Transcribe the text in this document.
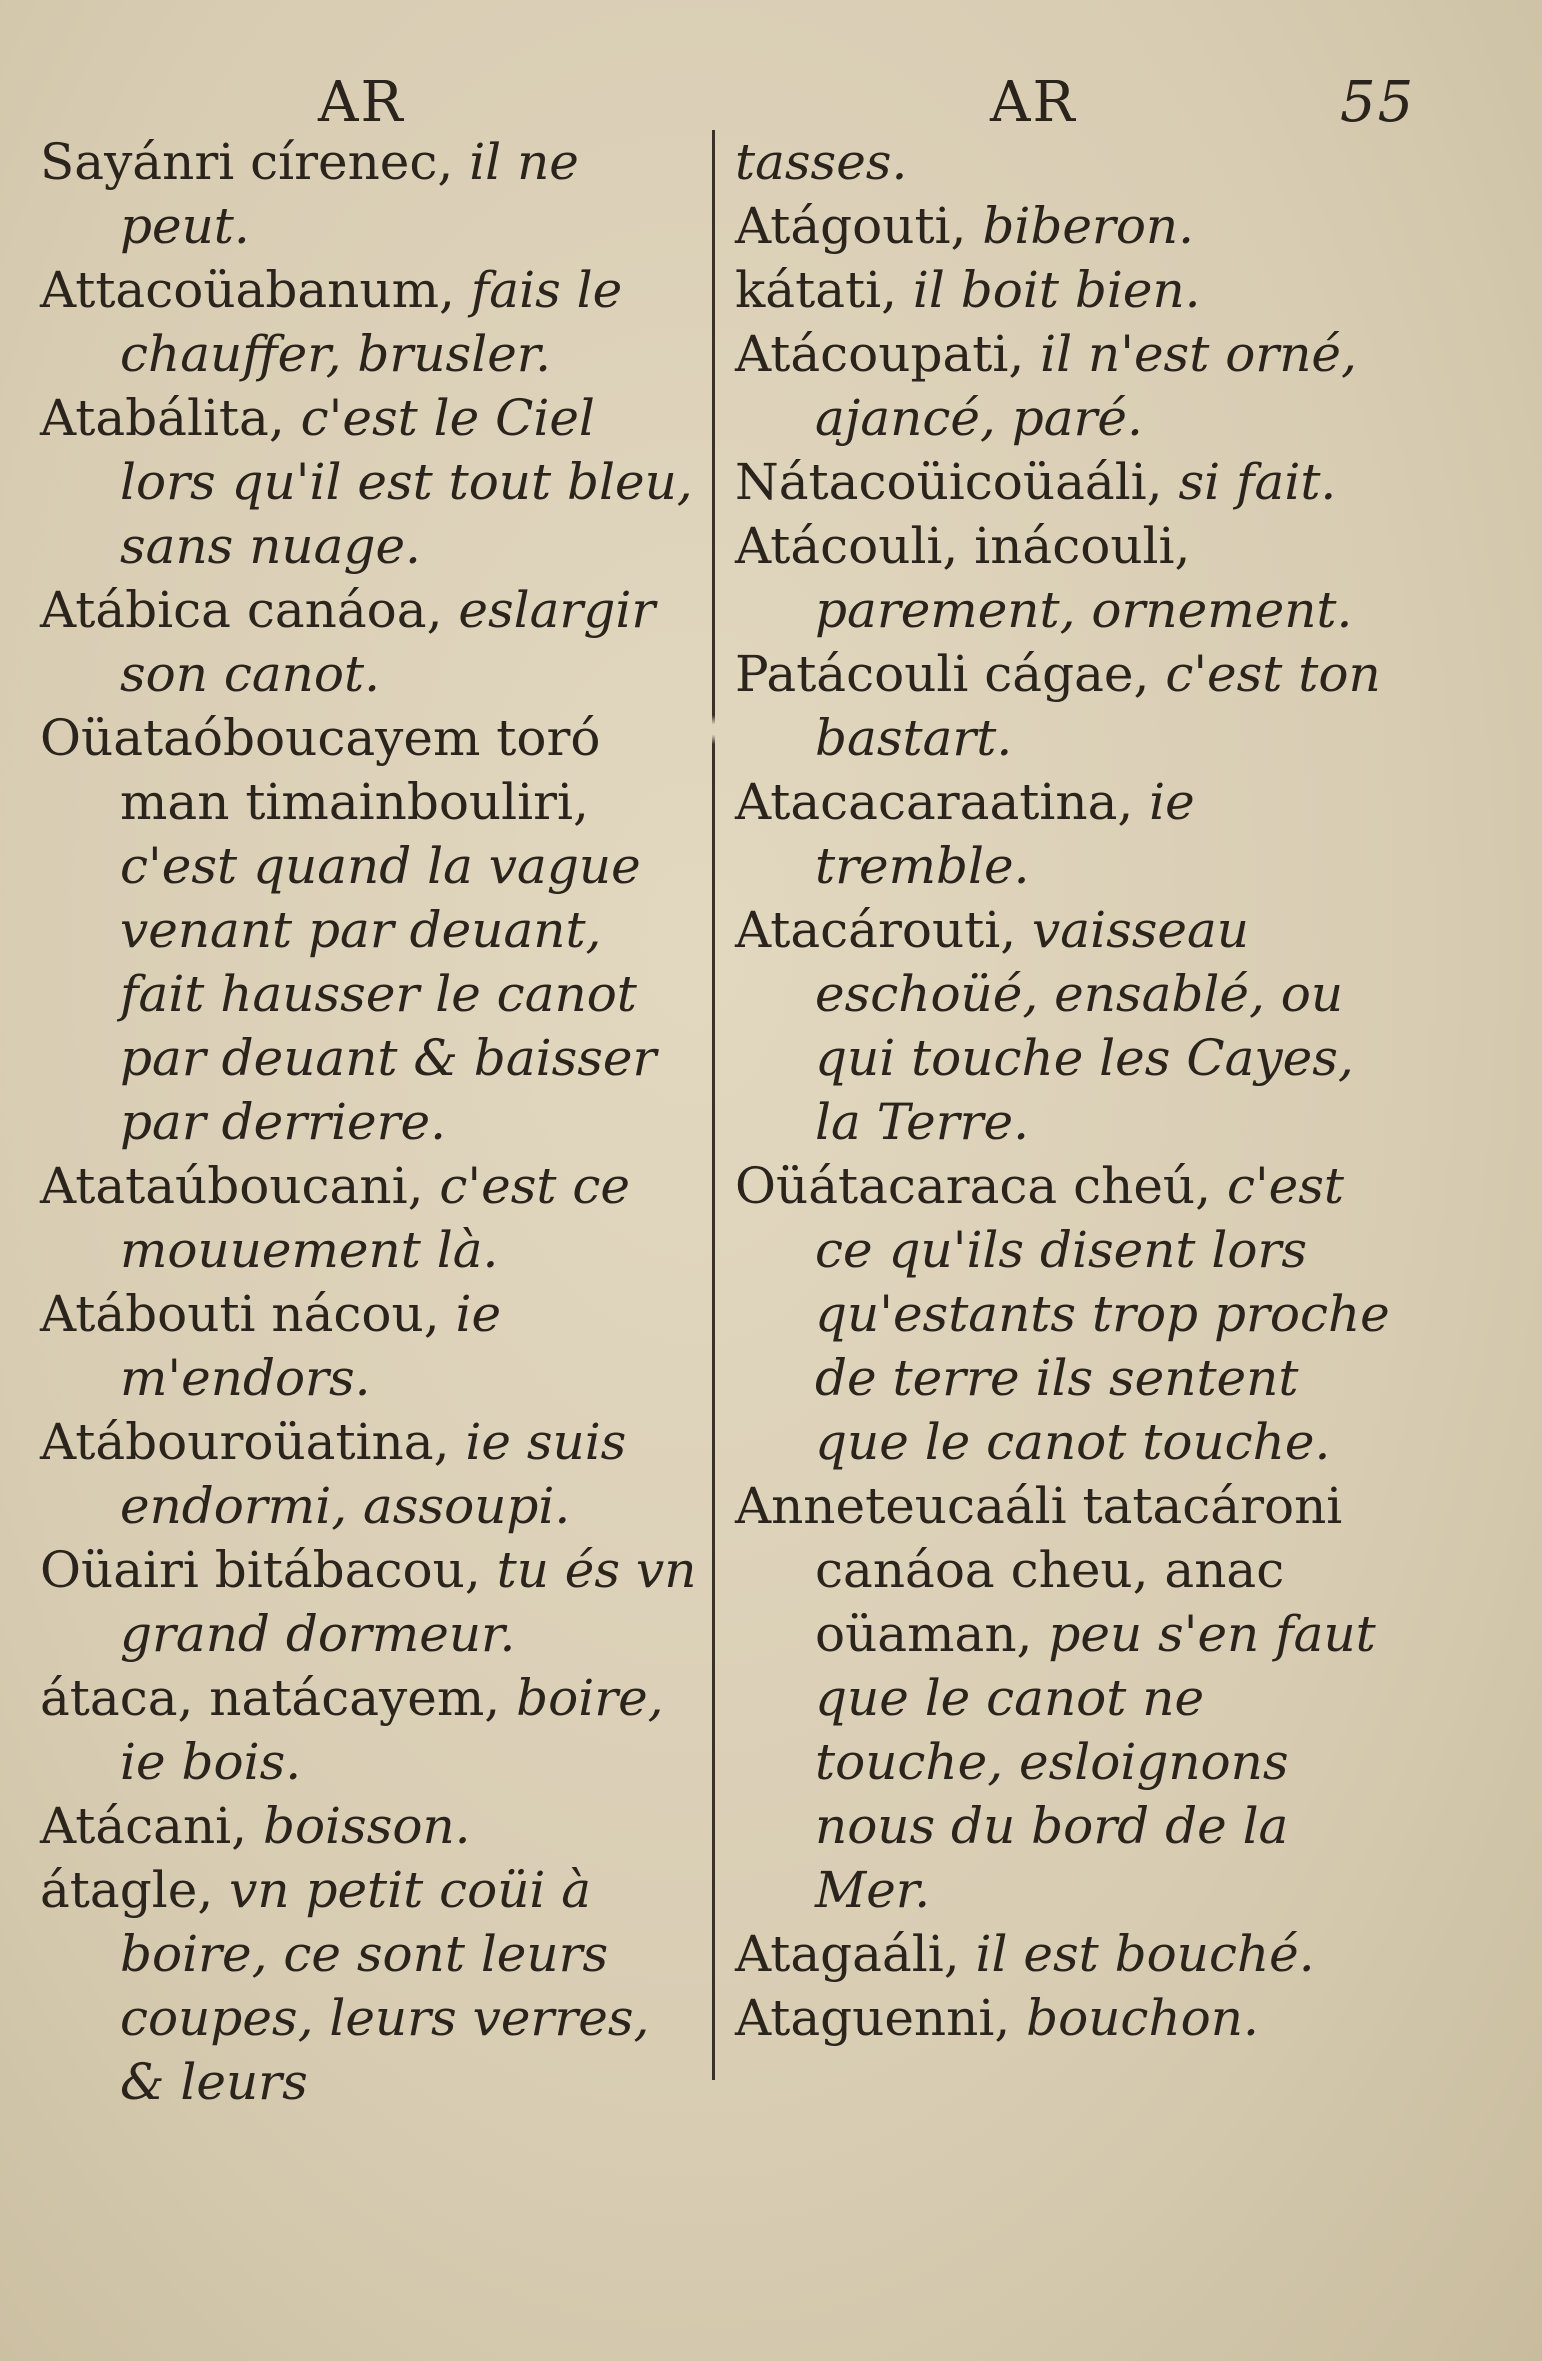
AR	AR	55

Sayánri círenec, il ne peut.

Attacoüabanum, fais le chauffer, brusler.

Atabálita, c'est le Ciel lors qu'il est tout bleu, sans nuage.

Atábica canáoa, eslargir son canot.

Oüataóboucayem toró man timainbouliri, c'est quand la vague venant par deuant, fait hausser le canot par deuant & baisser par derriere.

Atataúboucani, c'est ce mouuement là.

Atábouti nácou, ie m'endors.

Atábouroüatina, ie suis endormi, assoupi.

Oüairi bitábacou, tu és vn grand dormeur.

átaca, natácayem, boire, ie bois.

Atácani, boisson.

átagle, vn petit coüi à boire, ce sont leurs coupes, leurs verres, & leurs

tasses.

Atágouti, biberon.

kátati, il boit bien.

Atácoupati, il n'est orné, ajancé, paré.

Nátacoüicoüaáli, si fait.

Atácouli, inácouli, parement, ornement.

Patácouli cágae, c'est ton bastart.

Atacacaraatina, ie tremble.

Atacárouti, vaisseau eschoüé, ensablé, ou qui touche les Cayes, la Terre.

Oüátacaraca cheú, c'est ce qu'ils disent lors qu'estants trop proche de terre ils sentent que le canot touche.

Anneteucaáli tatacároni canáoa cheu, anac oüaman, peu s'en faut que le canot ne touche, esloignons nous du bord de la Mer.

Atagaáli, il est bouché.

Ataguenni, bouchon.
